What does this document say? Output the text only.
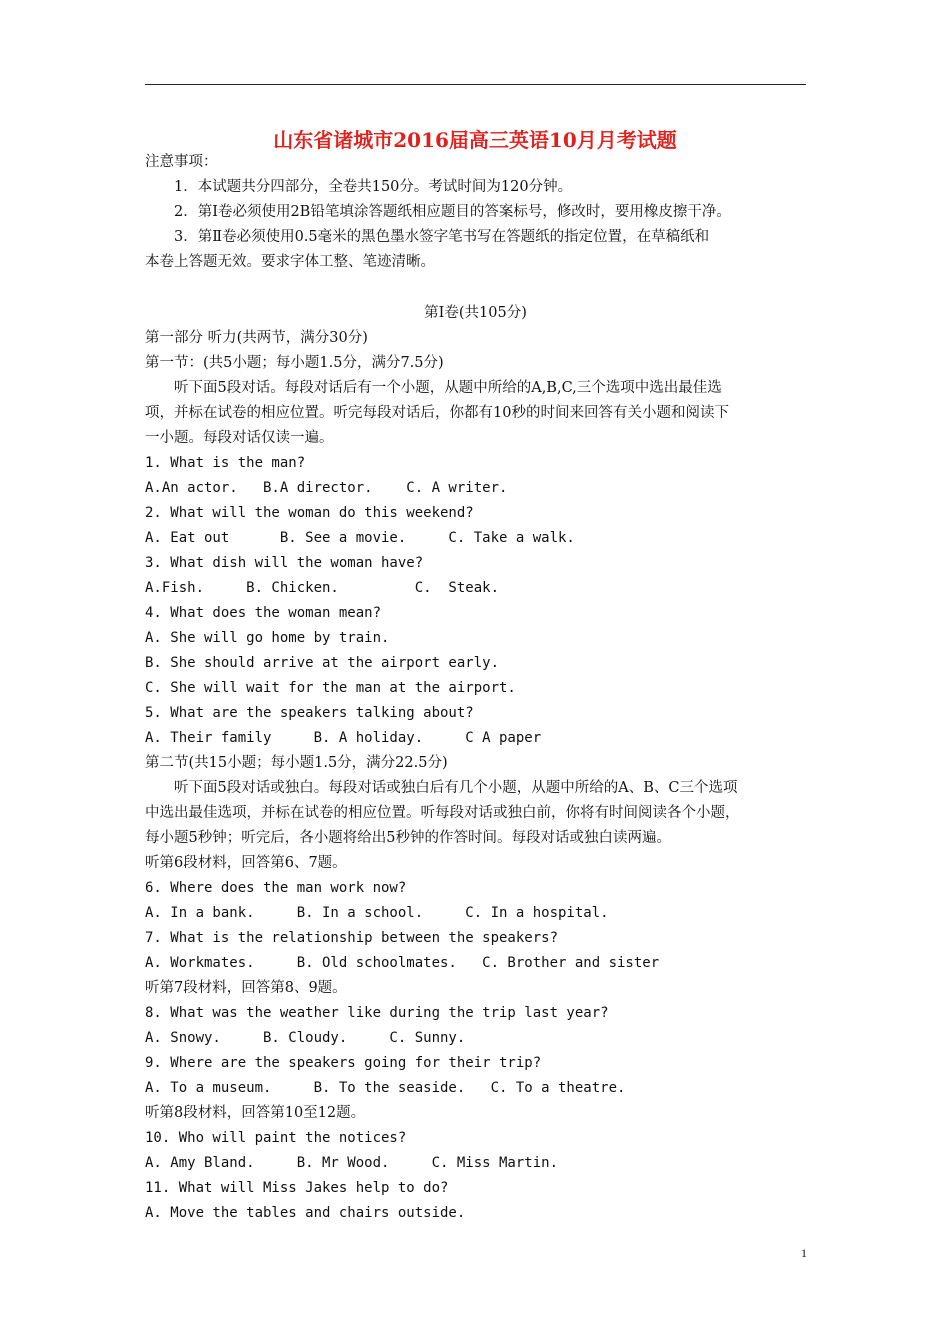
山东省诸城市2016届高三英语10月月考试题
注意事项：
1．本试题共分四部分，全卷共150分。考试时间为120分钟。
2．第Ⅰ卷必须使用2B铅笔填涂答题纸相应题目的答案标号，修改时，要用橡皮擦干净。
3．第Ⅱ卷必须使用0.5毫米的黑色墨水签字笔书写在答题纸的指定位置，在草稿纸和
本卷上答题无效。要求字体工整、笔迹清晰。
第Ⅰ卷(共105分)
第一部分 听力(共两节，满分30分)
第一节：(共5小题；每小题1.5分，满分7.5分)
听下面5段对话。每段对话后有一个小题，从题中所给的A,B,C,三个选项中选出最佳选
项，并标在试卷的相应位置。听完每段对话后，你都有10秒的时间来回答有关小题和阅读下
一小题。每段对话仅读一遍。
1. What is the man?
A.An actor.   B.A director.    C. A writer.
2. What will the woman do this weekend?
A. Eat out      B. See a movie.     C. Take a walk.
3. What dish will the woman have?
A.Fish.     B. Chicken.         C.  Steak.
4. What does the woman mean?
A. She will go home by train.
B. She should arrive at the airport early.
C. She will wait for the man at the airport.
5. What are the speakers talking about?
A. Their family     B. A holiday.     C A paper
第二节(共15小题；每小题1.5分，满分22.5分)
听下面5段对话或独白。每段对话或独白后有几个小题，从题中所给的A、B、C三个选项
中选出最佳选项，并标在试卷的相应位置。听每段对话或独白前，你将有时间阅读各个小题，
每小题5秒钟；听完后，各小题将给出5秒钟的作答时间。每段对话或独白读两遍。
听第6段材料，回答第6、7题。
6. Where does the man work now?
A. In a bank.     B. In a school.     C. In a hospital.
7. What is the relationship between the speakers?
A. Workmates.     B. Old schoolmates.   C. Brother and sister
听第7段材料，回答第8、9题。
8. What was the weather like during the trip last year?
A. Snowy.     B. Cloudy.     C. Sunny.
9. Where are the speakers going for their trip?
A. To a museum.     B. To the seaside.   C. To a theatre.
听第8段材料，回答第10至12题。
10. Who will paint the notices?
A. Amy Bland.     B. Mr Wood.     C. Miss Martin.
11. What will Miss Jakes help to do?
A. Move the tables and chairs outside.
1
